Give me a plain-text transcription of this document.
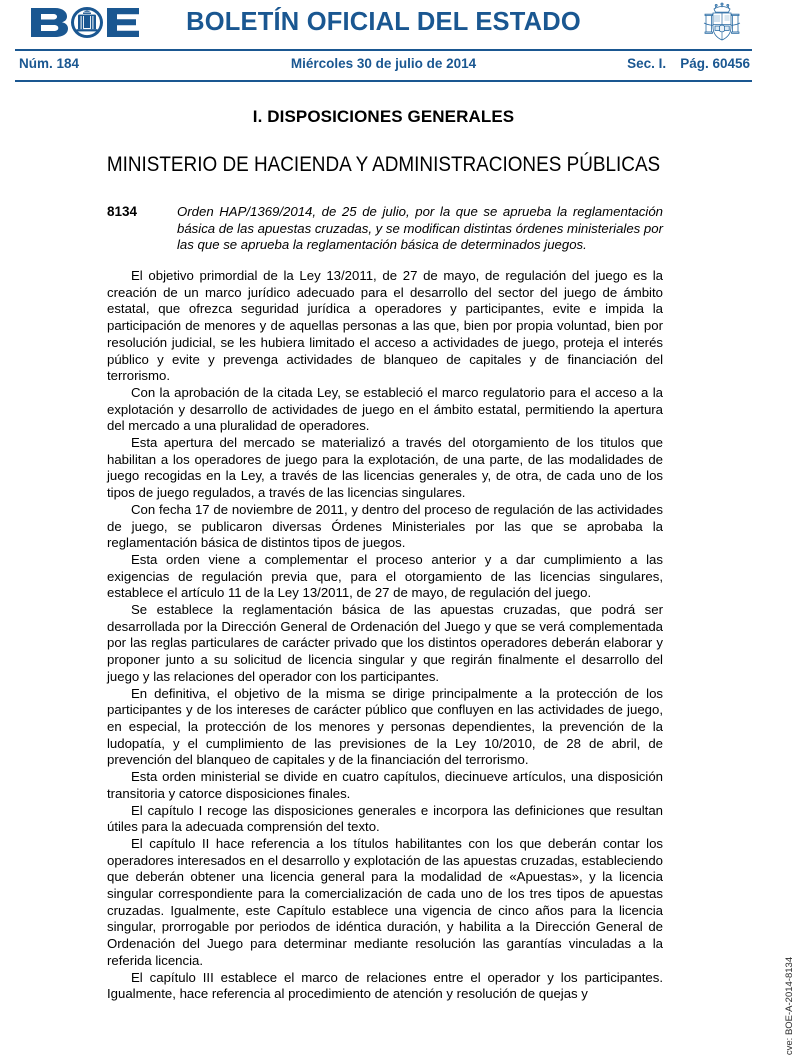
BOLETÍN OFICIAL DEL ESTADO
Núm. 184	Miércoles 30 de julio de 2014	Sec. I. Pág. 60456
I. DISPOSICIONES GENERALES
MINISTERIO DE HACIENDA Y ADMINISTRACIONES PÚBLICAS
8134	Orden HAP/1369/2014, de 25 de julio, por la que se aprueba la reglamentación básica de las apuestas cruzadas, y se modifican distintas órdenes ministeriales por las que se aprueba la reglamentación básica de determinados juegos.

El objetivo primordial de la Ley 13/2011, de 27 de mayo, de regulación del juego es la creación de un marco jurídico adecuado para el desarrollo del sector del juego de ámbito estatal, que ofrezca seguridad jurídica a operadores y participantes, evite e impida la participación de menores y de aquellas personas a las que, bien por propia voluntad, bien por resolución judicial, se les hubiera limitado el acceso a actividades de juego, proteja el interés público y evite y prevenga actividades de blanqueo de capitales y de financiación del terrorismo.

Con la aprobación de la citada Ley, se estableció el marco regulatorio para el acceso a la explotación y desarrollo de actividades de juego en el ámbito estatal, permitiendo la apertura del mercado a una pluralidad de operadores.

Esta apertura del mercado se materializó a través del otorgamiento de los titulos que habilitan a los operadores de juego para la explotación, de una parte, de las modalidades de juego recogidas en la Ley, a través de las licencias generales y, de otra, de cada uno de los tipos de juego regulados, a través de las licencias singulares.

Con fecha 17 de noviembre de 2011, y dentro del proceso de regulación de las actividades de juego, se publicaron diversas Órdenes Ministeriales por las que se aprobaba la reglamentación básica de distintos tipos de juegos.

Esta orden viene a complementar el proceso anterior y a dar cumplimiento a las exigencias de regulación previa que, para el otorgamiento de las licencias singulares, establece el artículo 11 de la Ley 13/2011, de 27 de mayo, de regulación del juego.

Se establece la reglamentación básica de las apuestas cruzadas, que podrá ser desarrollada por la Dirección General de Ordenación del Juego y que se verá complementada por las reglas particulares de carácter privado que los distintos operadores deberán elaborar y proponer junto a su solicitud de licencia singular y que regirán finalmente el desarrollo del juego y las relaciones del operador con los participantes.

En definitiva, el objetivo de la misma se dirige principalmente a la protección de los participantes y de los intereses de carácter público que confluyen en las actividades de juego, en especial, la protección de los menores y personas dependientes, la prevención de la ludopatía, y el cumplimiento de las previsiones de la Ley 10/2010, de 28 de abril, de prevención del blanqueo de capitales y de la financiación del terrorismo.

Esta orden ministerial se divide en cuatro capítulos, diecinueve artículos, una disposición transitoria y catorce disposiciones finales.

El capítulo I recoge las disposiciones generales e incorpora las definiciones que resultan útiles para la adecuada comprensión del texto.

El capítulo II hace referencia a los títulos habilitantes con los que deberán contar los operadores interesados en el desarrollo y explotación de las apuestas cruzadas, estableciendo que deberán obtener una licencia general para la modalidad de «Apuestas», y la licencia singular correspondiente para la comercialización de cada uno de los tres tipos de apuestas cruzadas. Igualmente, este Capítulo establece una vigencia de cinco años para la licencia singular, prorrogable por periodos de idéntica duración, y habilita a la Dirección General de Ordenación del Juego para determinar mediante resolución las garantías vinculadas a la referida licencia.

El capítulo III establece el marco de relaciones entre el operador y los participantes. Igualmente, hace referencia al procedimiento de atención y resolución de quejas y	cve: BOE-A-2014-8134
